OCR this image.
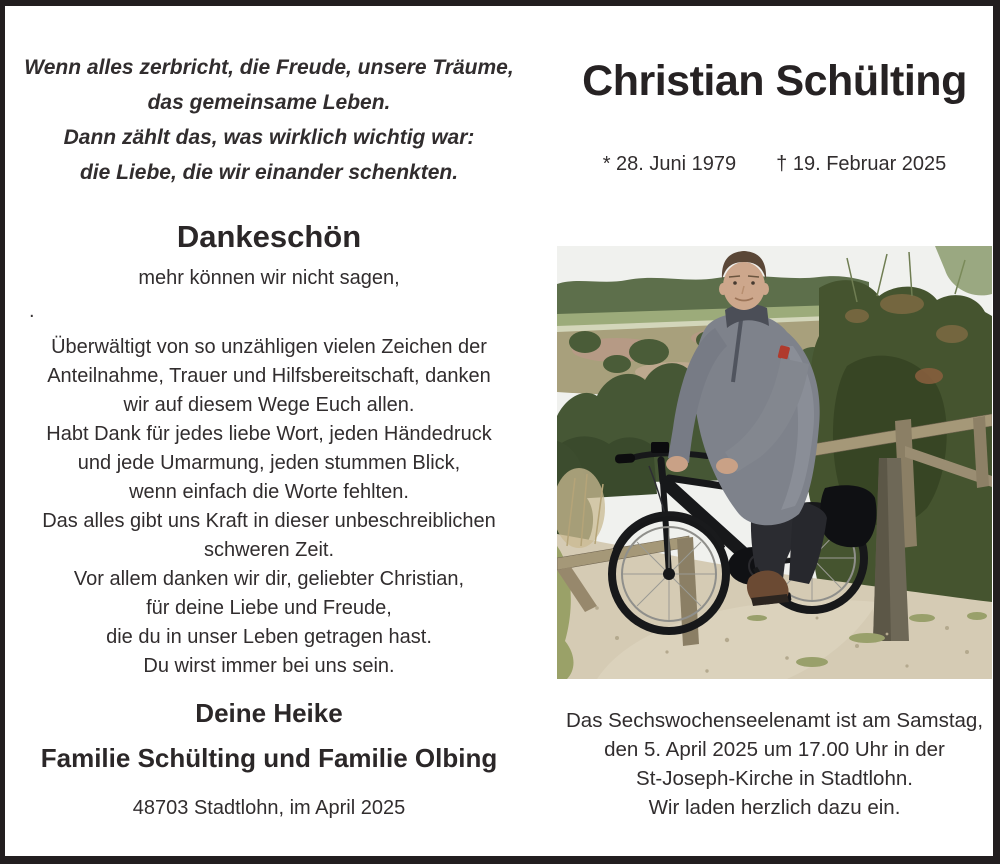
Wenn alles zerbricht, die Freude, unsere Träume,

das gemeinsame Leben.

Dann zählt das, was wirklich wichtig war:

die Liebe, die wir einander schenkten.

Dankeschön

mehr können wir nicht sagen,

Überwältigt von so unzähligen vielen Zeichen der

Anteilnahme, Trauer und Hilfsbereitschaft, danken

wir auf diesem Wege Euch allen.

Habt Dank für jedes liebe Wort, jeden Händedruck

und jede Umarmung, jeden stummen Blick,

wenn einfach die Worte fehlten.

Das alles gibt uns Kraft in dieser unbeschreiblichen

schweren Zeit.

Vor allem danken wir dir, geliebter Christian,

für deine Liebe und Freude,

die du in unser Leben getragen hast.

Du wirst immer bei uns sein.

Deine Heike

Familie Schülting und Familie Olbing

48703 Stadtlohn, im April 2025

.
Christian Schülting
* 28. Juni 1979 † 19. Februar 2025

Das Sechswochenseelenamt ist am Samstag,

den 5. April 2025 um 17.00 Uhr in der

St-Joseph-Kirche in Stadtlohn.

Wir laden herzlich dazu ein.
